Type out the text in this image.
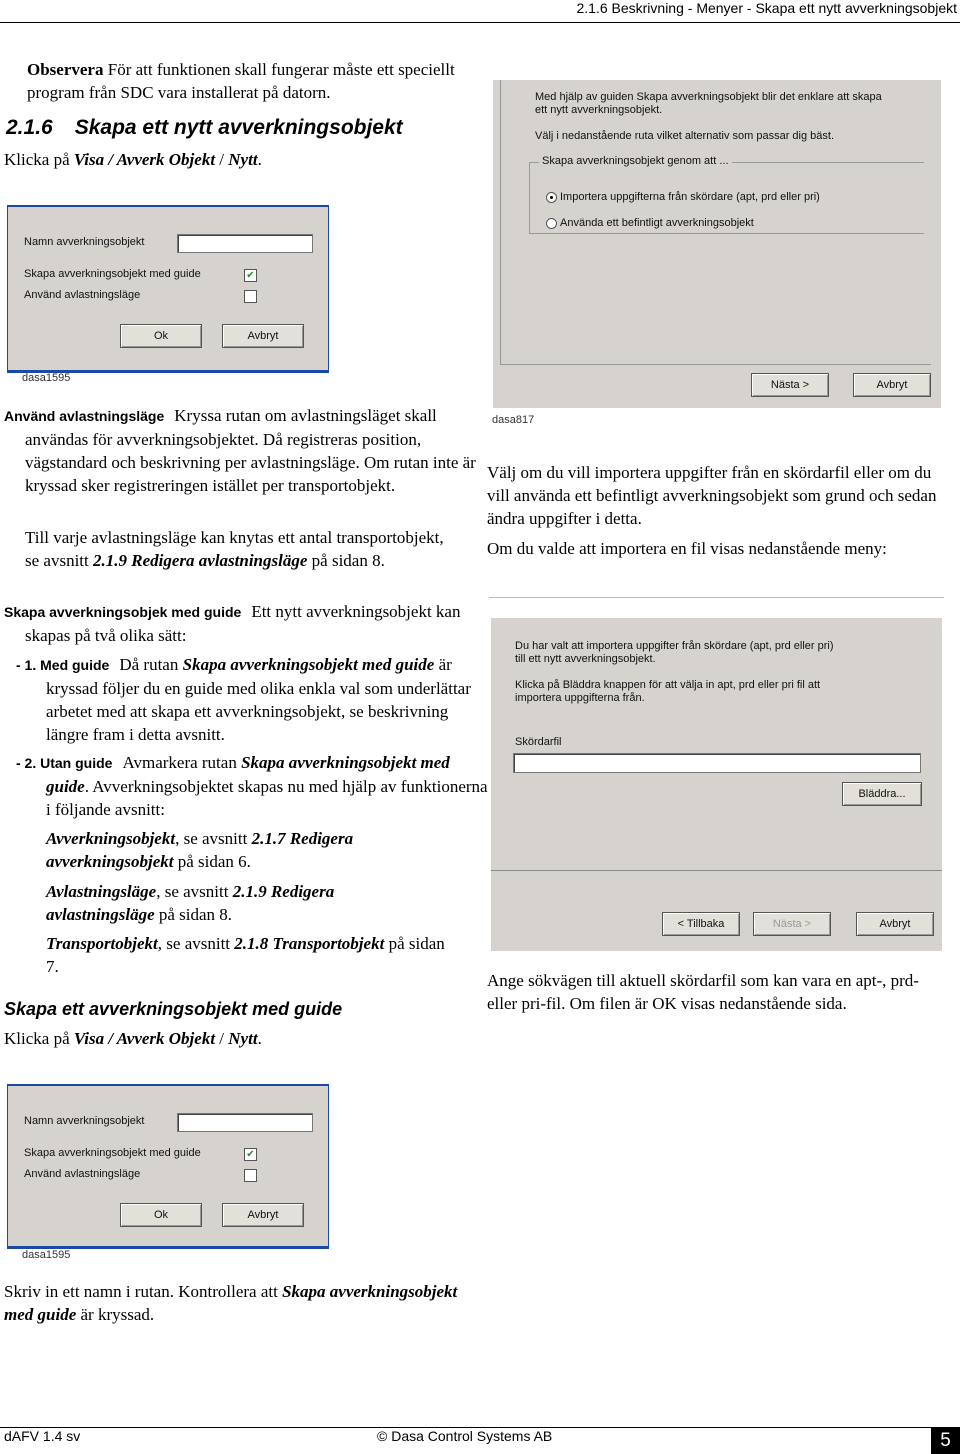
2.1.6 Beskrivning - Menyer - Skapa ett nytt avverkningsobjekt
Observera För att funktionen skall fungerar måste ett speciellt program från SDC vara installerat på datorn.
2.1.6 Skapa ett nytt avverkningsobjekt
Klicka på Visa / Avverk Objekt / Nytt.
Namn avverkningsobjekt
Skapa avverkningsobjekt med guide	✔
Använd avlastningsläge
Ok	Avbryt
dasa1595
Med hjälp av guiden Skapa avverkningsobjekt blir det enklare att skapa ett nytt avverkningsobjekt.
Välj i nedanstående ruta vilket alternativ som passar dig bäst.
Skapa avverkningsobjekt genom att ...
Importera uppgifterna från skördare (apt, prd eller pri)
Använda ett befintligt avverkningsobjekt
Nästa >	Avbryt
dasa817
Använd avlastningsläge Kryssa rutan om avlastningsläget skall användas för avverkningsobjektet. Då registreras position, vägstandard och beskrivning per avlastningsläge. Om rutan inte är kryssad sker registreringen istället per transportobjekt.
Till varje avlastningsläge kan knytas ett antal transportobjekt, se avsnitt 2.1.9 Redigera avlastningsläge på sidan 8.
Skapa avverkningsobjek med guide Ett nytt avverkningsobjekt kan skapas på två olika sätt:
- 1. Med guide Då rutan Skapa avverkningsobjekt med guide är kryssad följer du en guide med olika enkla val som underlättar arbetet med att skapa ett avverkningsobjekt, se beskrivning längre fram i detta avsnitt.
- 2. Utan guide Avmarkera rutan Skapa avverkningsobjekt med guide. Avverkningsobjektet skapas nu med hjälp av funktionerna i följande avsnitt:
Avverkningsobjekt, se avsnitt 2.1.7 Redigera avverkningsobjekt på sidan 6.
Avlastningsläge, se avsnitt 2.1.9 Redigera avlastningsläge på sidan 8.
Transportobjekt, se avsnitt 2.1.8 Transportobjekt på sidan 7.
Skapa ett avverkningsobjekt med guide
Klicka på Visa / Avverk Objekt / Nytt.
Namn avverkningsobjekt
Skapa avverkningsobjekt med guide	✔
Använd avlastningsläge
Ok	Avbryt
dasa1595
Skriv in ett namn i rutan. Kontrollera att Skapa avverkningsobjekt med guide är kryssad.
Välj om du vill importera uppgifter från en skördarfil eller om du vill använda ett befintligt avverkningsobjekt som grund och sedan ändra uppgifter i detta.
Om du valde att importera en fil visas nedanstående meny:
Du har valt att importera uppgifter från skördare (apt, prd eller pri) till ett nytt avverkningsobjekt.
Klicka på Bläddra knappen för att välja in apt, prd eller pri fil att importera uppgifterna från.
Skördarfil
Bläddra...
< Tillbaka	Nästa >	Avbryt
Ange sökvägen till aktuell skördarfil som kan vara en apt-, prd- eller pri-fil. Om filen är OK visas nedanstående sida.
dAFV 1.4 sv	© Dasa Control Systems AB	5
